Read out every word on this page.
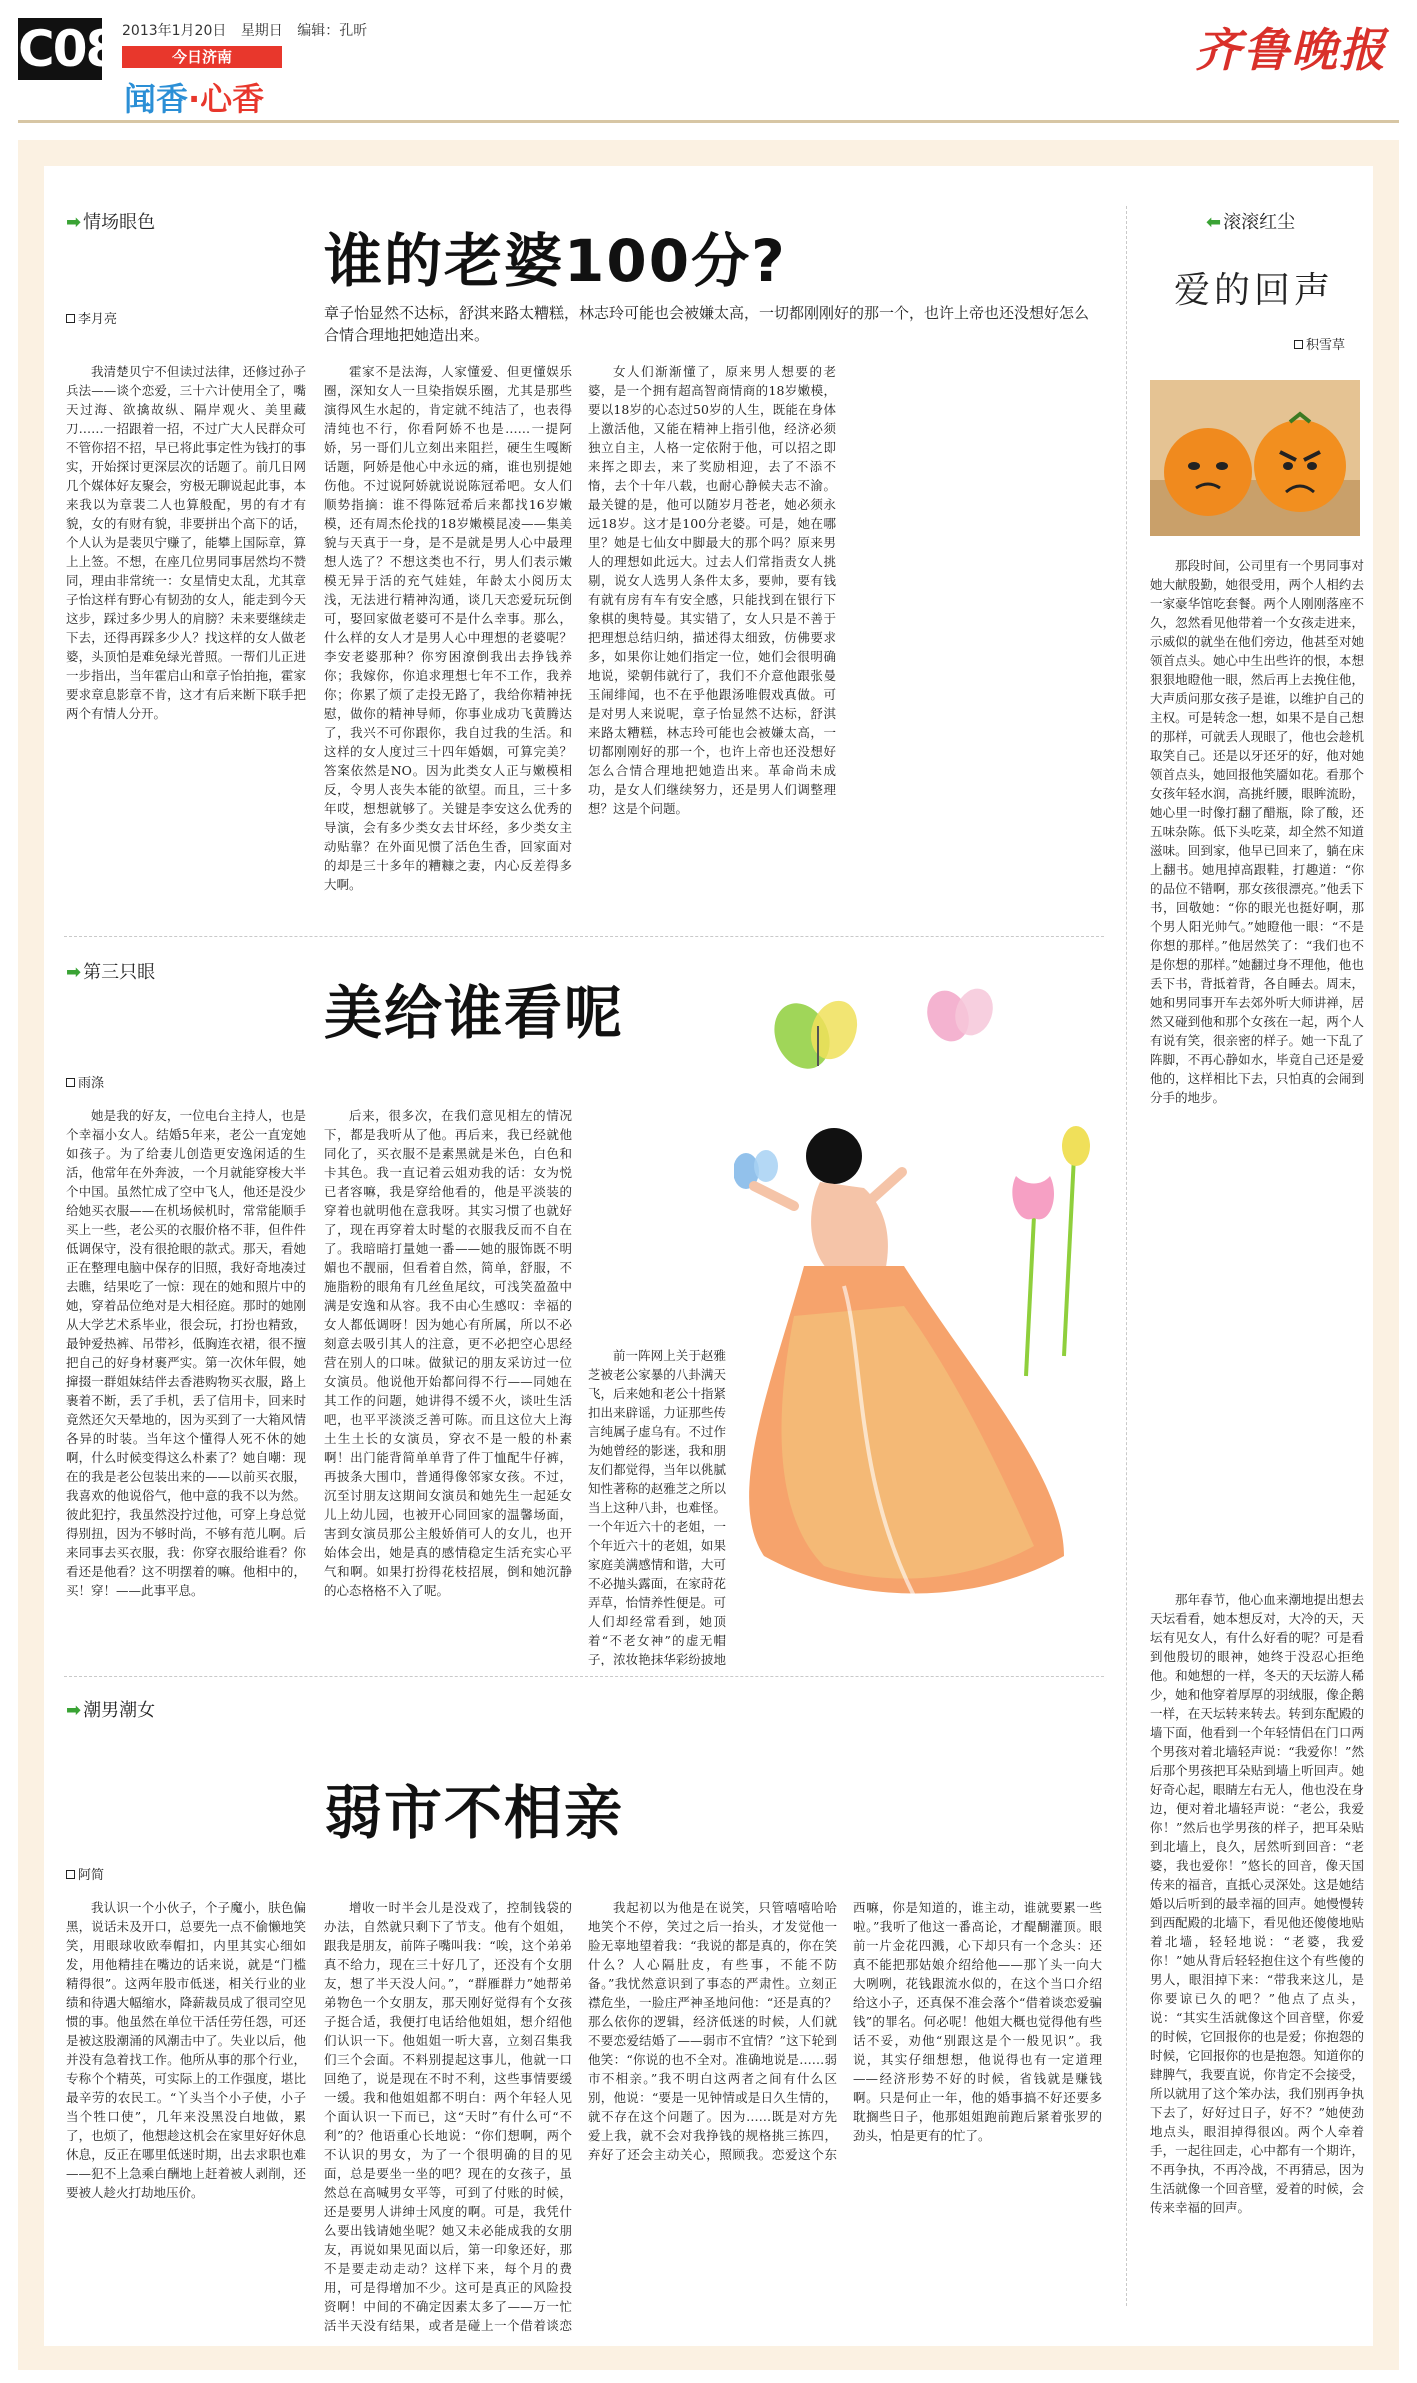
C08 2013年1月20日 星期日 编辑：孔昕
今日济南
闻香·心香
齐鲁晚报
➡ 情场眼色
谁的老婆100分?
章子怡显然不达标，舒淇来路太糟糕，林志玲可能也会被嫌太高，一切都刚刚好的那一个，也许上帝也还没想好怎么合情合理地把她造出来。
李月亮

我清楚贝宁不但读过法律，还修过孙子兵法——谈个恋爱，三十六计使用全了，嘴天过海、欲擒故纵、隔岸观火、美里藏刀……一招跟着一招，不过广大人民群众可不管你招不招，早已将此事定性为钱打的事实，开始探讨更深层次的话题了。前几日网几个媒体好友聚会，穷极无聊说起此事，本来我以为章裴二人也算般配，男的有才有貌，女的有财有貌，非要拼出个高下的话，个人认为是裴贝宁赚了，能攀上国际章，算上上签。不想，在座几位男同事居然均不赞同，理由非常统一：女星情史太乱，尤其章子怡这样有野心有韧劲的女人，能走到今天这步，踩过多少男人的肩膀？未来要继续走下去，还得再踩多少人？找这样的女人做老婆，头顶怕是难免绿光普照。一帮们儿正进一步指出，当年霍启山和章子怡拍拖，霍家要求章息影章不肯，这才有后来断下联手把两个有情人分开。

霍家不是法海，人家懂爱、但更懂娱乐圈，深知女人一旦染指娱乐圈，尤其是那些演得风生水起的，肯定就不纯洁了，也表得清纯也不行，你看阿娇不也是……一提阿娇，另一哥们儿立刻出来阻拦，硬生生嘎断话题，阿娇是他心中永远的痛，谁也别提她伤他。不过说阿娇就说说陈冠希吧。女人们顺势指摘：谁不得陈冠希后来都找16岁嫩模，还有周杰伦找的18岁嫩模昆凌——集美貌与天真于一身，是不是就是男人心中最理想人选了？不想这类也不行，男人们表示嫩模无异于活的充气娃娃，年龄太小阅历太浅，无法进行精神沟通，谈几天恋爱玩玩倒可，娶回家做老婆可不是什么幸事。那么，什么样的女人才是男人心中理想的老婆呢？李安老婆那种？你穷困潦倒我出去挣钱养你；我嫁你，你追求理想七年不工作，我养你；你累了烦了走投无路了，我给你精神抚慰，做你的精神导师，你事业成功飞黄腾达了，我兴不可你跟你，我自过我的生活。和这样的女人度过三十四年婚姻，可算完美？答案依然是NO。因为此类女人正与嫩模相反，令男人丧失本能的欲望。而且，三十多年哎，想想就够了。关键是李安这么优秀的导演，会有多少类女去甘坏经，多少类女主动贴靠？在外面见惯了活色生香，回家面对的却是三十多年的糟糠之妻，内心反差得多大啊。

女人们渐渐懂了，原来男人想要的老婆，是一个拥有超高智商情商的18岁嫩模，要以18岁的心态过50岁的人生，既能在身体上激活他，又能在精神上指引他，经济必须独立自主，人格一定依附于他，可以招之即来挥之即去，来了奖励相迎，去了不添不惰，去个十年八载，也耐心静候夫志不渝。最关键的是，他可以随岁月苍老，她必须永远18岁。这才是100分老婆。可是，她在哪里？她是七仙女中脚最大的那个吗？原来男人的理想如此远大。过去人们常指责女人挑剔，说女人选男人条件太多，要帅，要有钱有就有房有车有安全感，只能找到在银行下象棋的奥特曼。其实错了，女人只是不善于把理想总结归纳，描述得太细致，仿佛要求多，如果你让她们指定一位，她们会很明确地说，梁朝伟就行了，我们不介意他跟张曼玉闹绯闻，也不在乎他跟汤唯假戏真做。可是对男人来说呢，章子怡显然不达标，舒淇来路太糟糕，林志玲可能也会被嫌太高，一切都刚刚好的那一个，也许上帝也还没想好怎么合情合理地把她造出来。革命尚未成功，是女人们继续努力，还是男人们调整理想？这是个问题。

➡ 第三只眼
美给谁看呢
雨涤

她是我的好友，一位电台主持人，也是个幸福小女人。结婚5年来，老公一直宠她如孩子。为了给妻儿创造更安逸闲适的生活，他常年在外奔波，一个月就能穿梭大半个中国。虽然忙成了空中飞人，他还是没少给她买衣服——在机场候机时，常常能顺手买上一些，老公买的衣服价格不菲，但件件低调保守，没有很抢眼的款式。那天，看她正在整理电脑中保存的旧照，我好奇地凑过去瞧，结果吃了一惊：现在的她和照片中的她，穿着品位绝对是大相径庭。那时的她刚从大学艺术系毕业，很会玩，打扮也精致，最钟爱热裤、吊带衫，低胸连衣裙，很不擅把自己的好身材裹严实。第一次休年假，她撺掇一群姐妹结伴去香港购物买衣服，路上裹着不断，丢了手机，丢了信用卡，回来时竟然还欠天晕地的，因为买到了一大箱风情各异的时装。当年这个懂得人死不休的她啊，什么时候变得这么朴素了？她自嘲：现在的我是老公包装出来的——以前买衣服，我喜欢的他说俗气，他中意的我不以为然。彼此犯拧，我虽然没拧过他，可穿上身总觉得别扭，因为不够时尚，不够有范儿啊。后来同事去买衣服，我：你穿衣服给谁看？你看还是他看？这不明摆着的嘛。他相中的，买！穿！——此事平息。

后来，很多次，在我们意见相左的情况下，都是我听从了他。再后来，我已经就他同化了，买衣服不是素黑就是米色，白色和卡其色。我一直记着云姐劝我的话：女为悦已者容嘛，我是穿给他看的，他是平淡装的穿着也就明他在意我呀。其实习惯了也就好了，现在再穿着太时髦的衣服我反而不自在了。我暗暗打量她一番——她的服饰既不明媚也不靓丽，但看着自然，简单，舒服，不施脂粉的眼角有几丝鱼尾纹，可浅笑盈盈中满是安逸和从容。我不由心生感叹：幸福的女人都低调呀！因为她心有所属，所以不必刻意去吸引其人的注意，更不必把空心思经营在别人的口味。做狱记的朋友采访过一位女演员。他说他开始都问得不行——同她在其工作的问题，她讲得不缓不火，谈吐生活吧，也平平淡淡乏善可陈。而且这位大上海土生土长的女演员，穿衣不是一般的朴素啊！出门能背简单单背了件丁恤配牛仔裤，再披条大围巾，普通得像邻家女孩。不过，沉至讨朋友这期间女演员和她先生一起延女儿上幼儿园，也被开心同回家的温馨场面，害到女演员那公主般娇俏可人的女儿，也开始体会出，她是真的感情稳定生活充实心平气和啊。如果打扮得花枝招展，倒和她沉静的心态格格不入了呢。

前一阵网上关于赵雅芝被老公家暴的八卦满天飞，后来她和老公十指紧扣出来辟谣，力证那些传言纯属子虚乌有。不过作为她曾经的影迷，我和朋友们都觉得，当年以佻腻知性著称的赵雅芝之所以当上这种八卦，也难怪。一个年近六十的老姐，一个年近六十的老姐，如果家庭美满感情和谐，大可不必抛头露面，在家莳花弄草，怡情养性便是。可人们却经常看到，她顶着“不老女神”的虚无帽子，浓妆艳抹华彩纷披地

➡ 潮男潮女
弱市不相亲
阿简

我认识一个小伙子，个子魔小，肤色偏黑，说话未及开口，总要先一点不偷懒地笑笑，用眼球收欧奉帽扣，内里其实心细如发，用他精挂在嘴边的话来说，就是“门槛精得很”。这两年股市低迷，相关行业的业绩和待遇大幅缩水，降薪裁员成了很司空见惯的事。他虽然在单位干活任劳任怨，可还是被这股潮涌的风潮击中了。失业以后，他并没有急着找工作。他所从事的那个行业，专称个个精英，可实际上的工作强度，堪比最辛劳的农民工。“丫头当个小子使，小子当个牲口使”，几年来没黑没白地做，累了，也烦了，他想趁这机会在家里好好休息休息，反正在哪里低迷时期，出去求职也难——犯不上急乘白酬地上赶着被人剥削，还要被人趁火打劫地压价。

增收一时半会儿是没戏了，控制钱袋的办法，自然就只剩下了节支。他有个姐姐，跟我是朋友，前阵子嘴叫我：“唉，这个弟弟真不给力，现在三十好几了，还没有个女朋友，想了半天没人问。”，“群雁群力”她帮弟弟物色一个女朋友，那天刚好觉得有个女孩子挺合适，我便打电话给他姐姐，想介绍他们认识一下。他姐姐一听大喜，立刻召集我们三个会面。不料别提起这事儿，他就一口回绝了，说是现在不时不利，这些事情要缓一缓。我和他姐姐都不明白：两个年轻人见个面认识一下而已，这“天时”有什么可“不利”的？他语重心长地说：“你们想啊，两个不认识的男女，为了一个很明确的目的见面，总是要坐一坐的吧？现在的女孩子，虽然总在高喊男女平等，可到了付账的时候，还是要男人讲绅士风度的啊。可是，我凭什么要出钱请她坐呢？她又未必能成我的女朋友，再说如果见面以后，第一印象还好，那不是要走动走动？这样下来，每个月的费用，可是得增加不少。这可是真正的风险投资啊！中间的不确定因素太多了——万一忙活半天没有结果，或者是碰上一个借着谈恋

我起初以为他是在说笑，只管嘻嘻哈哈地笑个不停，笑过之后一抬头，才发觉他一脸无辜地望着我：“我说的都是真的，你在笑什么？人心隔肚皮，有些事，不能不防备。”我忧然意识到了事态的严肃性。立刻正襟危坐，一脸庄严神圣地问他：“还是真的？那么依你的逻辑，经济低迷的时候，人们就不要恋爱结婚了——弱市不宜情？”这下轮到他笑：“你说的也不全对。准确地说是……弱市不相亲。”我不明白这两者之间有什么区别，他说：“要是一见钟情或是日久生情的，就不存在这个问题了。因为……既是对方先爱上我，就不会对我挣钱的规格挑三拣四，弃好了还会主动关心，照顾我。恋爱这个东西嘛，你是知道的，谁主动，谁就要累一些啦。”我听了他这一番高论，才醍醐灌顶。眼前一片金花四溅，心下却只有一个念头：还真不能把那姑娘介绍给他——那丫头一向大大咧咧，花钱跟流水似的，在这个当口介绍给这小子，还真保不准会落个“借着谈恋爱骗钱”的罪名。何必呢！他姐大概也觉得他有些话不妥，劝他“别跟这是个一般见识”。我说，其实仔细想想，他说得也有一定道理——经济形势不好的时候，省钱就是赚钱啊。只是何止一年，他的婚事搞不好还要多耽搁些日子，他那姐姐跑前跑后紧着张罗的劲头，怕是更有的忙了。

⬅ 滚滚红尘
爱的回声
积雪草

那段时间，公司里有一个男同事对她大献殷勤，她很受用，两个人相约去一家豪华馆吃套餐。两个人刚刚落座不久，忽然看见他带着一个女孩走进来，示威似的就坐在他们旁边，他甚至对她领首点头。她心中生出些许的恨，本想狠狠地瞪他一眼，然后再上去挽住他，大声质问那女孩子是谁，以维护自己的主权。可是转念一想，如果不是自己想的那样，可就丢人现眼了，他也会趁机取笑自己。还是以牙还牙的好，他对她领首点头，她回报他笑靥如花。看那个女孩年轻水润，高挑纤腰，眼眸流盼，她心里一时像打翻了醋瓶，除了酸，还五味杂陈。低下头吃菜，却全然不知道滋味。回到家，他早已回来了，躺在床上翻书。她甩掉高跟鞋，打趣道：“你的品位不错啊，那女孩很漂亮。”他丢下书，回敬她：“你的眼光也挺好啊，那个男人阳光帅气。”她瞪他一眼：“不是你想的那样。”他居然笑了：“我们也不是你想的那样。”她翻过身不理他，他也丢下书，背抵着背，各自睡去。周末，她和男同事开车去郊外听大师讲禅，居然又碰到他和那个女孩在一起，两个人有说有笑，很亲密的样子。她一下乱了阵脚，不再心静如水，毕竟自己还是爱他的，这样相比下去，只怕真的会闹到分手的地步。

那年春节，他心血来潮地提出想去天坛看看，她本想反对，大冷的天，天坛有见女人，有什么好看的呢？可是看到他殷切的眼神，她终于没忍心拒绝他。和她想的一样，冬天的天坛游人稀少，她和他穿着厚厚的羽绒服，像企鹅一样，在天坛转来转去。转到东配殿的墙下面，他看到一个年轻情侣在门口两个男孩对着北墙轻声说：“我爱你！”然后那个男孩把耳朵贴到墙上听回声。她好奇心起，眼睛左右无人，他也没在身边，便对着北墙轻声说：“老公，我爱你！”然后也学男孩的样子，把耳朵贴到北墙上，良久，居然听到回音：“老婆，我也爱你！”悠长的回音，像天国传来的福音，直抵心灵深处。这是她结婚以后听到的最幸福的回声。她慢慢转到西配殿的北墙下，看见他还傻傻地贴着北墙，轻轻地说：“老婆，我爱你！”她从背后轻轻抱住这个有些傻的男人，眼泪掉下来：“带我来这儿，是你要谅已久的吧？”他点了点头，说：“其实生活就像这个回音壁，你爱的时候，它回报你的也是爱；你抱怨的时候，它回报你的也是抱怨。知道你的肆脾气，我要直说，你肯定不会接受，所以就用了这个笨办法，我们别再争执下去了，好好过日子，好不？”她使劲地点头，眼泪掉得很凶。两个人牵着手，一起往回走，心中都有一个期许，不再争执，不再冷战，不再猜忌，因为生活就像一个回音壁，爱着的时候，会传来幸福的回声。
